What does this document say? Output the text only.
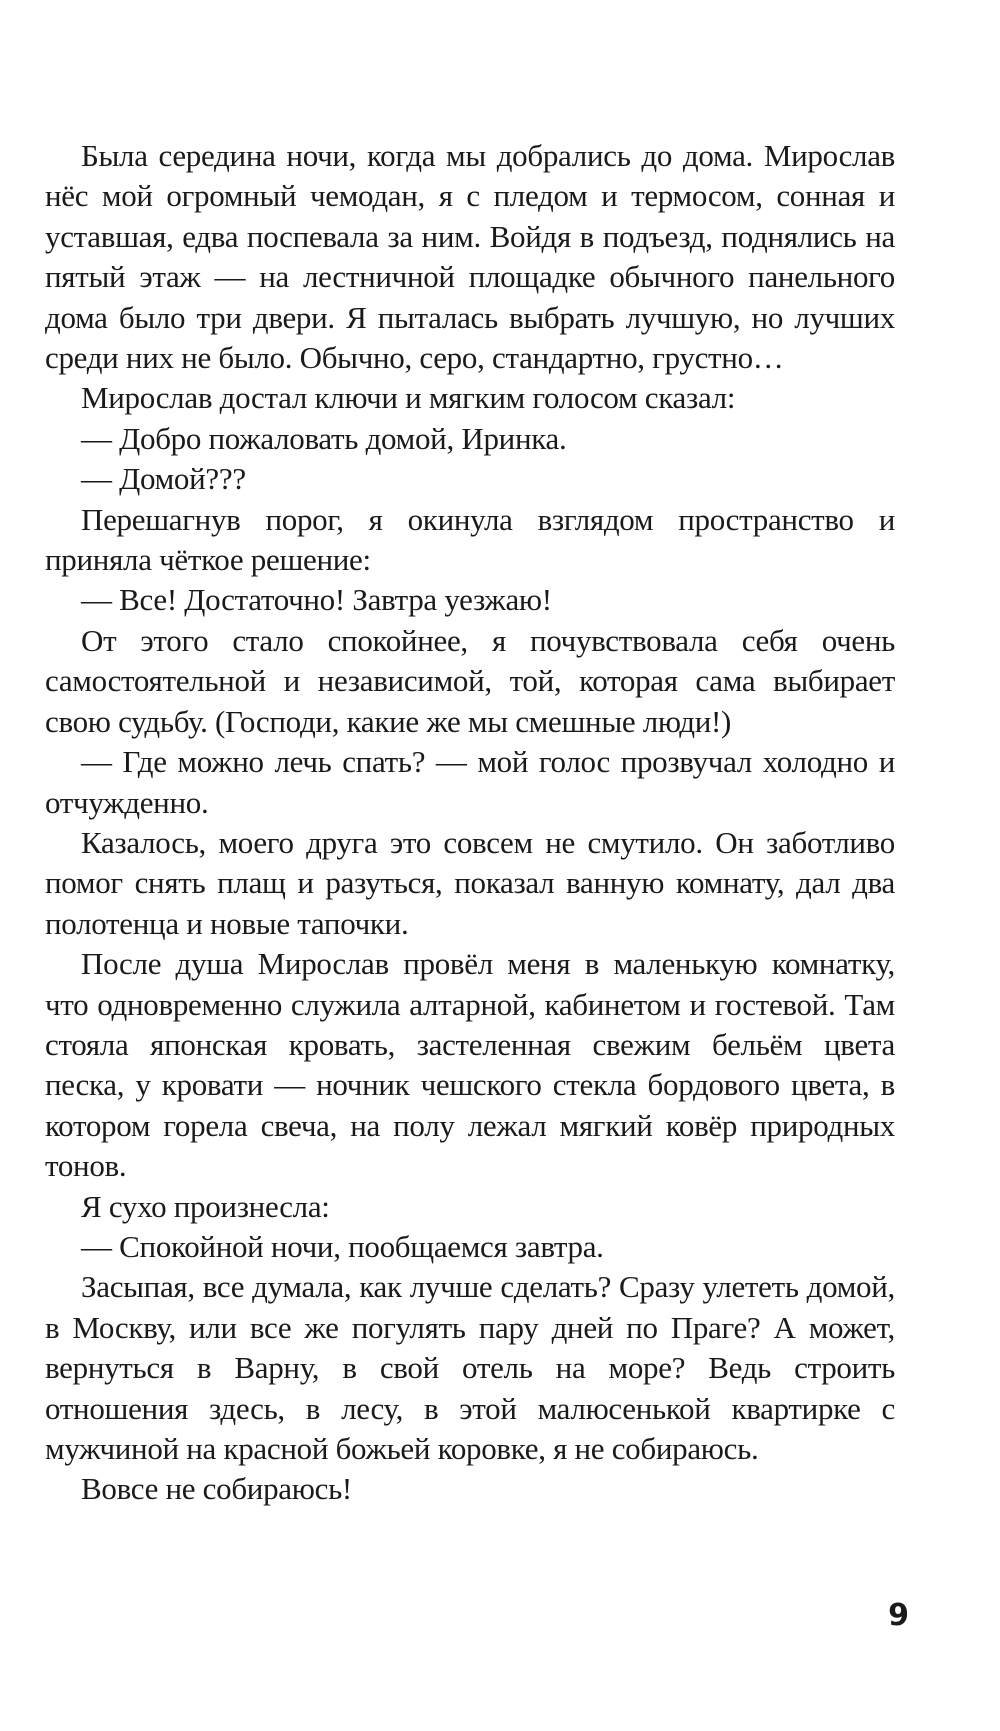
Была середина ночи, когда мы добрались до дома. Мирослав нёс мой огромный чемодан, я с пледом и термосом, сонная и уставшая, едва поспевала за ним. Войдя в подъезд, поднялись на пятый этаж — на лестничной площадке обычного панельного дома было три двери. Я пыталась выбрать лучшую, но лучших среди них не было. Обычно, серо, стандартно, грустно…

Мирослав достал ключи и мягким голосом сказал:

— Добро пожаловать домой, Иринка.

— Домой???

Перешагнув порог, я окинула взглядом пространство и приняла чёткое решение:

— Все! Достаточно! Завтра уезжаю!

От этого стало спокойнее, я почувствовала себя очень самостоятельной и независимой, той, которая сама выбирает свою судьбу. (Господи, какие же мы смешные люди!)

— Где можно лечь спать? — мой голос прозвучал холодно и отчужденно.

Казалось, моего друга это совсем не смутило. Он заботливо помог снять плащ и разуться, показал ванную комнату, дал два полотенца и новые тапочки.

После душа Мирослав провёл меня в маленькую комнатку, что одновременно служила алтарной, кабинетом и гостевой. Там стояла японская кровать, застеленная свежим бельём цвета песка, у кровати — ночник чешского стекла бордового цвета, в котором горела свеча, на полу лежал мягкий ковёр природных тонов.

Я сухо произнесла:

— Спокойной ночи, пообщаемся завтра.

Засыпая, все думала, как лучше сделать? Сразу улететь домой, в Москву, или все же погулять пару дней по Праге? А может, вернуться в Варну, в свой отель на море? Ведь строить отношения здесь, в лесу, в этой малюсенькой квартирке с мужчиной на красной божьей коровке, я не собираюсь.

Вовсе не собираюсь!

9
